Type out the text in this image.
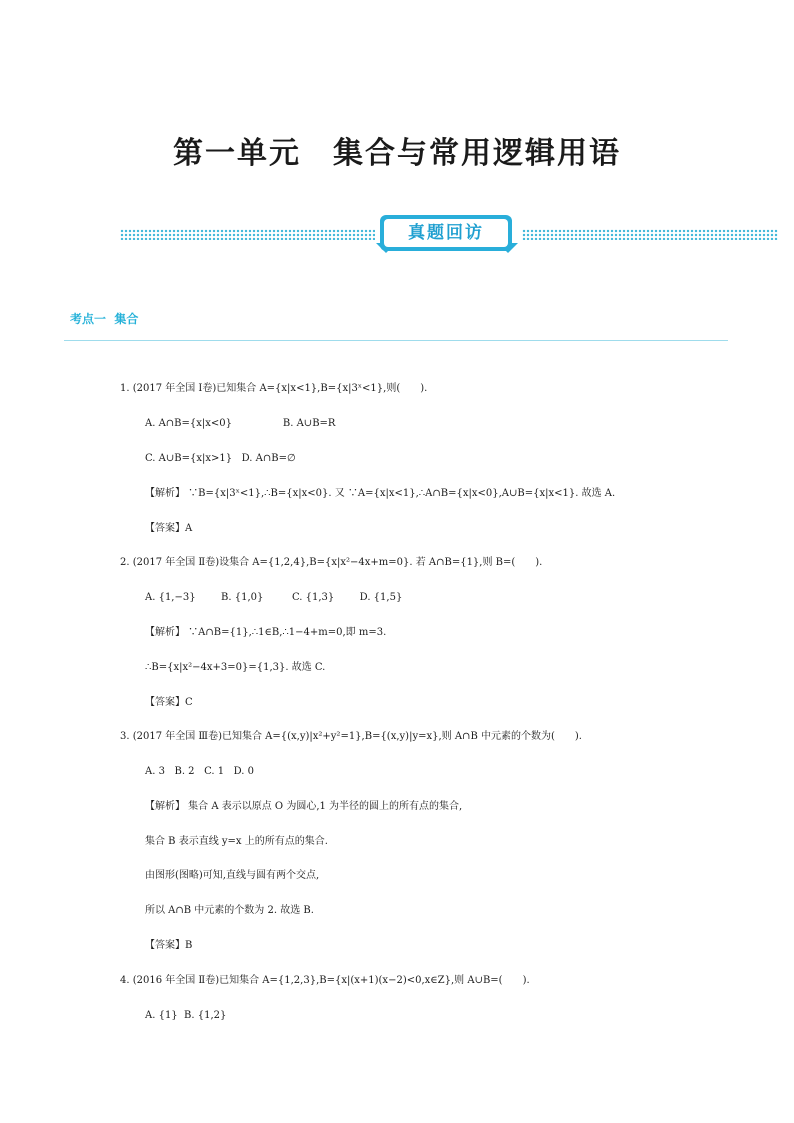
第一单元　集合与常用逻辑用语
真题回访
考点一  集合
1. (2017 年全国 Ⅰ卷)已知集合 A={x|x<1},B={x|3ˣ<1},则(　　).
A. A∩B={x|x<0}                B. A∪B=R
C. A∪B={x|x>1}   D. A∩B=∅
【解析】 ∵B={x|3ˣ<1},∴B={x|x<0}. 又 ∵A={x|x<1},∴A∩B={x|x<0},A∪B={x|x<1}. 故选 A.
【答案】A
2. (2017 年全国 Ⅱ卷)设集合 A={1,2,4},B={x|x²−4x+m=0}. 若 A∩B={1},则 B=(　　).
A. {1,−3}        B. {1,0}         C. {1,3}        D. {1,5}
【解析】 ∵A∩B={1},∴1∈B,∴1−4+m=0,即 m=3.
∴B={x|x²−4x+3=0}={1,3}. 故选 C.
【答案】C
3. (2017 年全国 Ⅲ卷)已知集合 A={(x,y)|x²+y²=1},B={(x,y)|y=x},则 A∩B 中元素的个数为(　　).
A. 3   B. 2   C. 1   D. 0
【解析】 集合 A 表示以原点 O 为圆心,1 为半径的圆上的所有点的集合,
集合 B 表示直线 y=x 上的所有点的集合.
由图形(图略)可知,直线与圆有两个交点,
所以 A∩B 中元素的个数为 2. 故选 B.
【答案】B
4. (2016 年全国 Ⅱ卷)已知集合 A={1,2,3},B={x|(x+1)(x−2)<0,x∈Z},则 A∪B=(　　).
A. {1}  B. {1,2}
